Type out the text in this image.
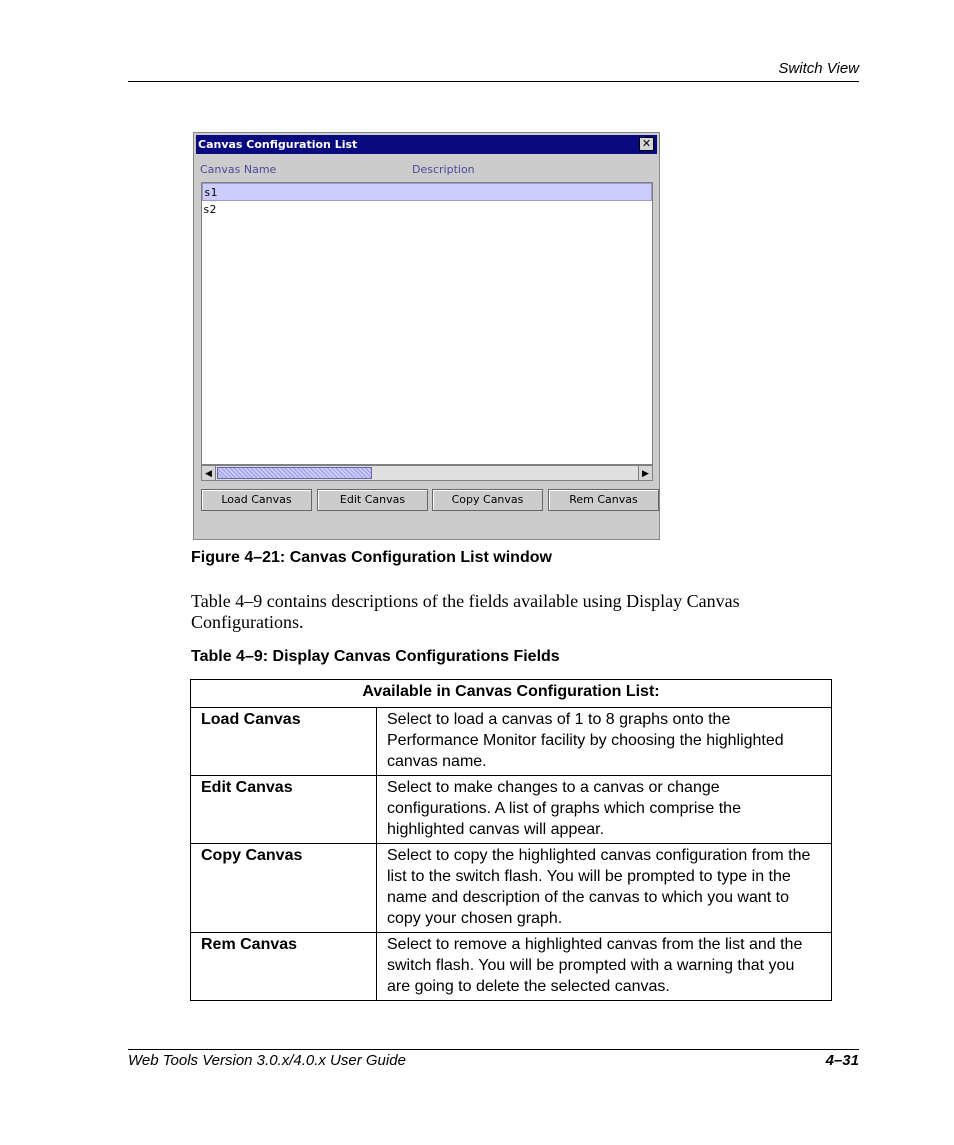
Switch View
Canvas Configuration List	✕
Canvas Name	Description
s1
s2
◀	▶
Load Canvas	Edit Canvas	Copy Canvas	Rem Canvas
Figure 4–21: Canvas Configuration List window
Table 4–9 contains descriptions of the fields available using Display Canvas Configurations.
Table 4–9: Display Canvas Configurations Fields
Available in Canvas Configuration List:	
Load Canvas	Select to load a canvas of 1 to 8 graphs onto the Performance Monitor facility by choosing the highlighted canvas name.
Edit Canvas	Select to make changes to a canvas or change configurations. A list of graphs which comprise the highlighted canvas will appear.
Copy Canvas	Select to copy the highlighted canvas configuration from the list to the switch flash. You will be prompted to type in the name and description of the canvas to which you want to copy your chosen graph.
Rem Canvas	Select to remove a highlighted canvas from the list and the switch flash. You will be prompted with a warning that you are going to delete the selected canvas.
Web Tools Version 3.0.x/4.0.x User Guide	4–31
